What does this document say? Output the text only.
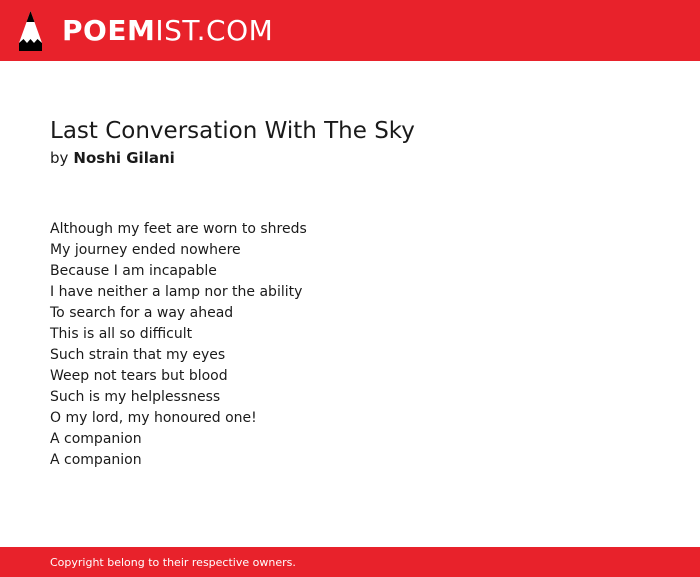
POEMIST.COM
Last Conversation With The Sky
by Noshi Gilani
Although my feet are worn to shreds
My journey ended nowhere
Because I am incapable
I have neither a lamp nor the ability
To search for a way ahead
This is all so difficult
Such strain that my eyes
Weep not tears but blood
Such is my helplessness
O my lord, my honoured one!
A companion
A companion
Copyright belong to their respective owners.
